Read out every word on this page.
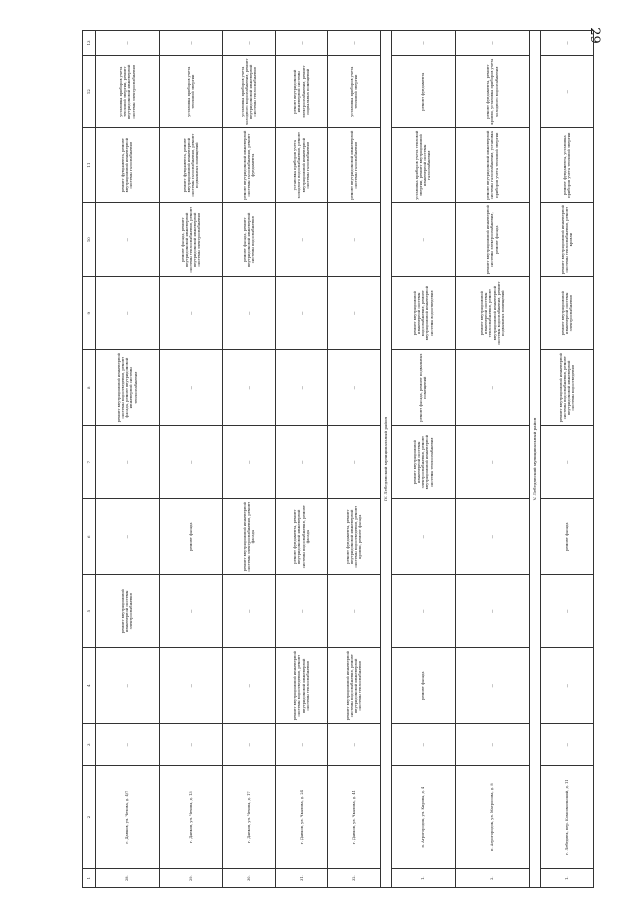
29
1	2	3	4	5	6	7	8	9	10	11	12	13
28.	г. Данков, ул. Чехова, д. 4/7	—	—	ремонт внутридомовой инженерной системы электроснабжения	—	—	ремонт внутридомовой инженерной системы водоотведения, ремонт фасада, ремонт внутридомовой инженерной системы теплоснабжения	—	—	ремонт фундамента, ремонт внутридомовой инженерной системы газоснабжения	установка приборов учета тепловой энергии, ремонт внутридомовой инженерной системы электроснабжения	—
29.	г. Данков, ул. Чехова, д. 13	—	—	—	ремонт фасада	—	—	—	ремонт фасада, ремонт внутридомовой инженерной системы теплоснабжения, ремонт внутридомовой инженерной системы электроснабжения	ремонт фундамента, ремонт внутридомовой инженерной системы газоснабжения, ремонт подвальных помещений	установка приборов учета тепловой энергии	—
30.	г. Данков, ул. Чехова, д. 17	—	—	—	ремонт внутридомовой инженерной системы электроснабжения, ремонт фасада	—	—	—	ремонт фасада, ремонт внутридомовой инженерной системы водоснабжения	ремонт внутридомовой инженерной системы газоснабжения, ремонт фундамента	установка приборов учета холодного водоснабжения, ремонт внутридомовой инженерной системы теплоснабжения	—
31.	г. Данков, ул. Чкалова, д. 24	—	ремонт внутридомовой инженерной системы водоотведения, ремонт внутридомовой инженерной системы теплоснабжения	—	ремонт фундамента, ремонт внутридомовой инженерной системы водоснабжения, ремонт фасада	—	—	—	—	установка приборов учета холодного водоснабжения, ремонт внутридомовой инженерной системы газоснабжения	ремонт внутридомовой инженерной системы электроснабжения, ремонт подвальных помещений	—
32.	г. Данков, ул. Чкалова, д. 41	—	ремонт внутридомовой инженерной системы водоснабжения, ремонт внутридомовой инженерной системы теплоснабжения	—	ремонт фундамента, ремонт внутридомовой инженерной системы водоотведения, ремонт кровли, ремонт фасада	—	—	—	—	ремонт внутридомовой инженерной системы газоснабжения	установка приборов учета тепловой энергии	—
IV. Лебедянский муниципальный район												
1.	п. Агрогородок, ул. Кирова, д. 4	—	ремонт фасада	—	—	ремонт внутридомовой инженерной системы электроснабжения, ремонт внутридомовой инженерной системы теплоснабжения	ремонт фасада, ремонт подвальных помещений	ремонт внутридомовой инженерной системы водоснабжения, ремонт внутридомовой инженерной системы водоотведения	—	установка приборов учета тепловой энергии, ремонт внутридомовой инженерной системы газоснабжения	ремонт фундамента	—
2.	п. Агрогородок, ул. Матросова, д. 8	—	—	—	—	—	—	ремонт внутридомовой инженерной системы теплоснабжения, ремонт внутридомовой инженерной системы водоснабжения, ремонт подвальных помещений	ремонт внутридомовой инженерной системы электроснабжения, ремонт фасада	ремонт внутридомовой инженерной системы газоснабжения, установка приборов учета тепловой энергии	ремонт фундамента, ремонт кровли, установка приборов учета холодного водоснабжения	—
V. Лебедянский муниципальный район												
1.	г. Лебедянь, пер. Комсомольский, д. 11	—	—	—	ремонт фасада	—	ремонт внутридомовой инженерной системы водоснабжения, ремонт внутридомовой инженерной системы водоотведения	ремонт внутридомовой инженерной системы электроснабжения	ремонт внутридомовой инженерной системы теплоснабжения, ремонт кровли	ремонт фундамента, установка приборов учета тепловой энергии	—	—
